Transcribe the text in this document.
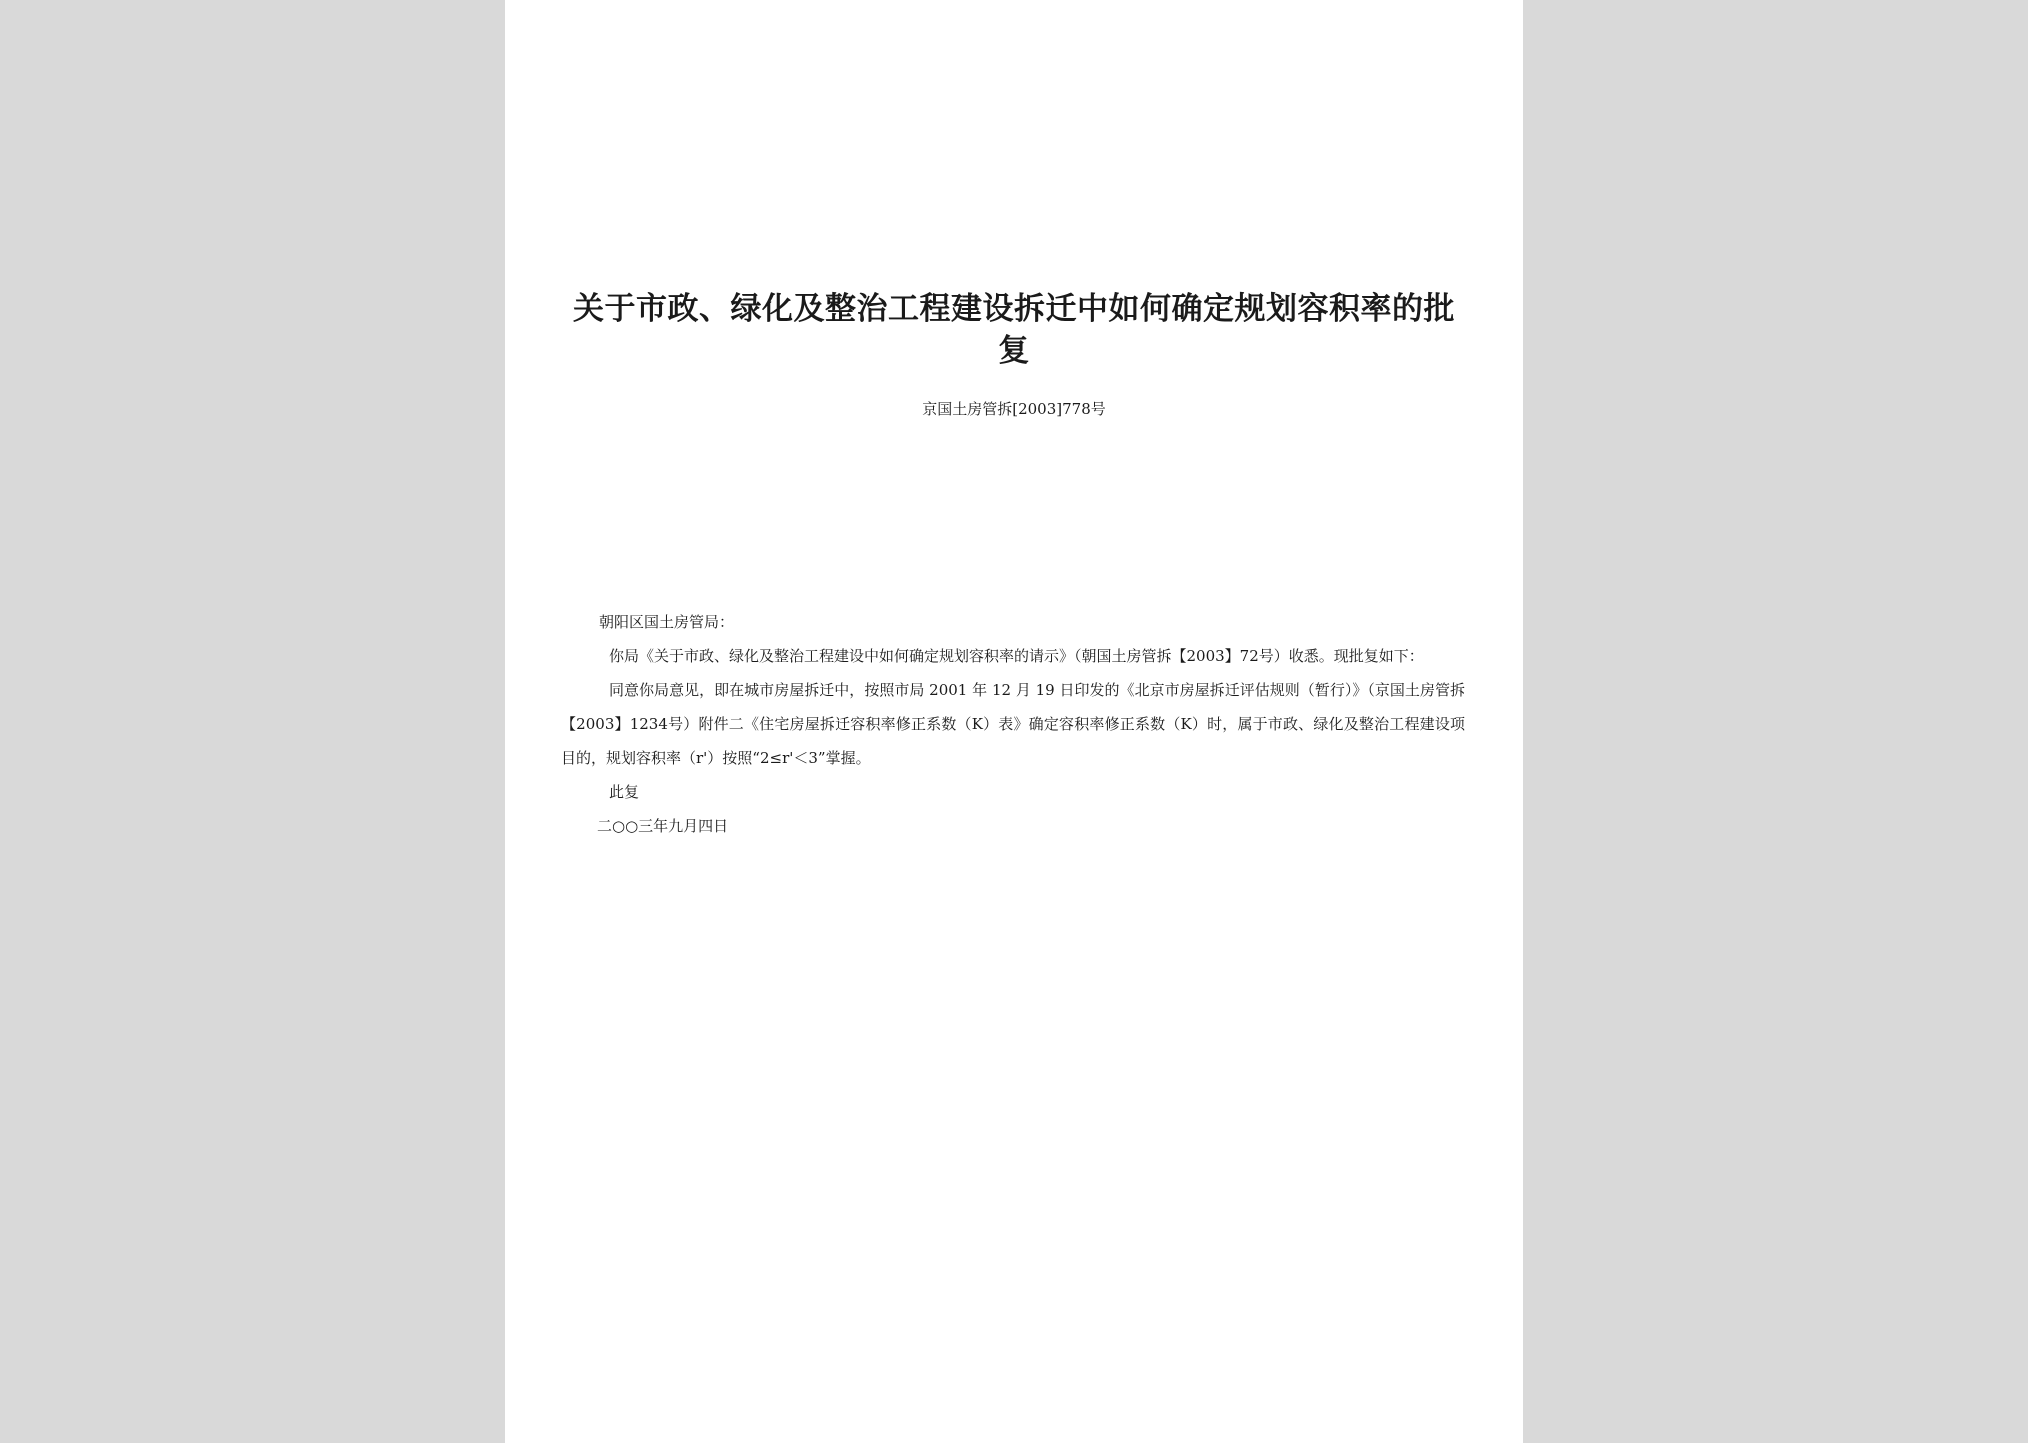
关于市政、绿化及整治工程建设拆迁中如何确定规划容积率的批复
京国土房管拆[2003]778号

朝阳区国土房管局：

你局《关于市政、绿化及整治工程建设中如何确定规划容积率的请示》（朝国土房管拆【2003】72号）收悉。现批复如下：

同意你局意见，即在城市房屋拆迁中，按照市局 2001 年 12 月 19 日印发的《北京市房屋拆迁评估规则（暂行）》（京国土房管拆【2003】1234号）附件二《住宅房屋拆迁容积率修正系数（K）表》确定容积率修正系数（K）时，属于市政、绿化及整治工程建设项目的，规划容积率（r'）按照“2≤r'＜3”掌握。

此复

二○○三年九月四日
